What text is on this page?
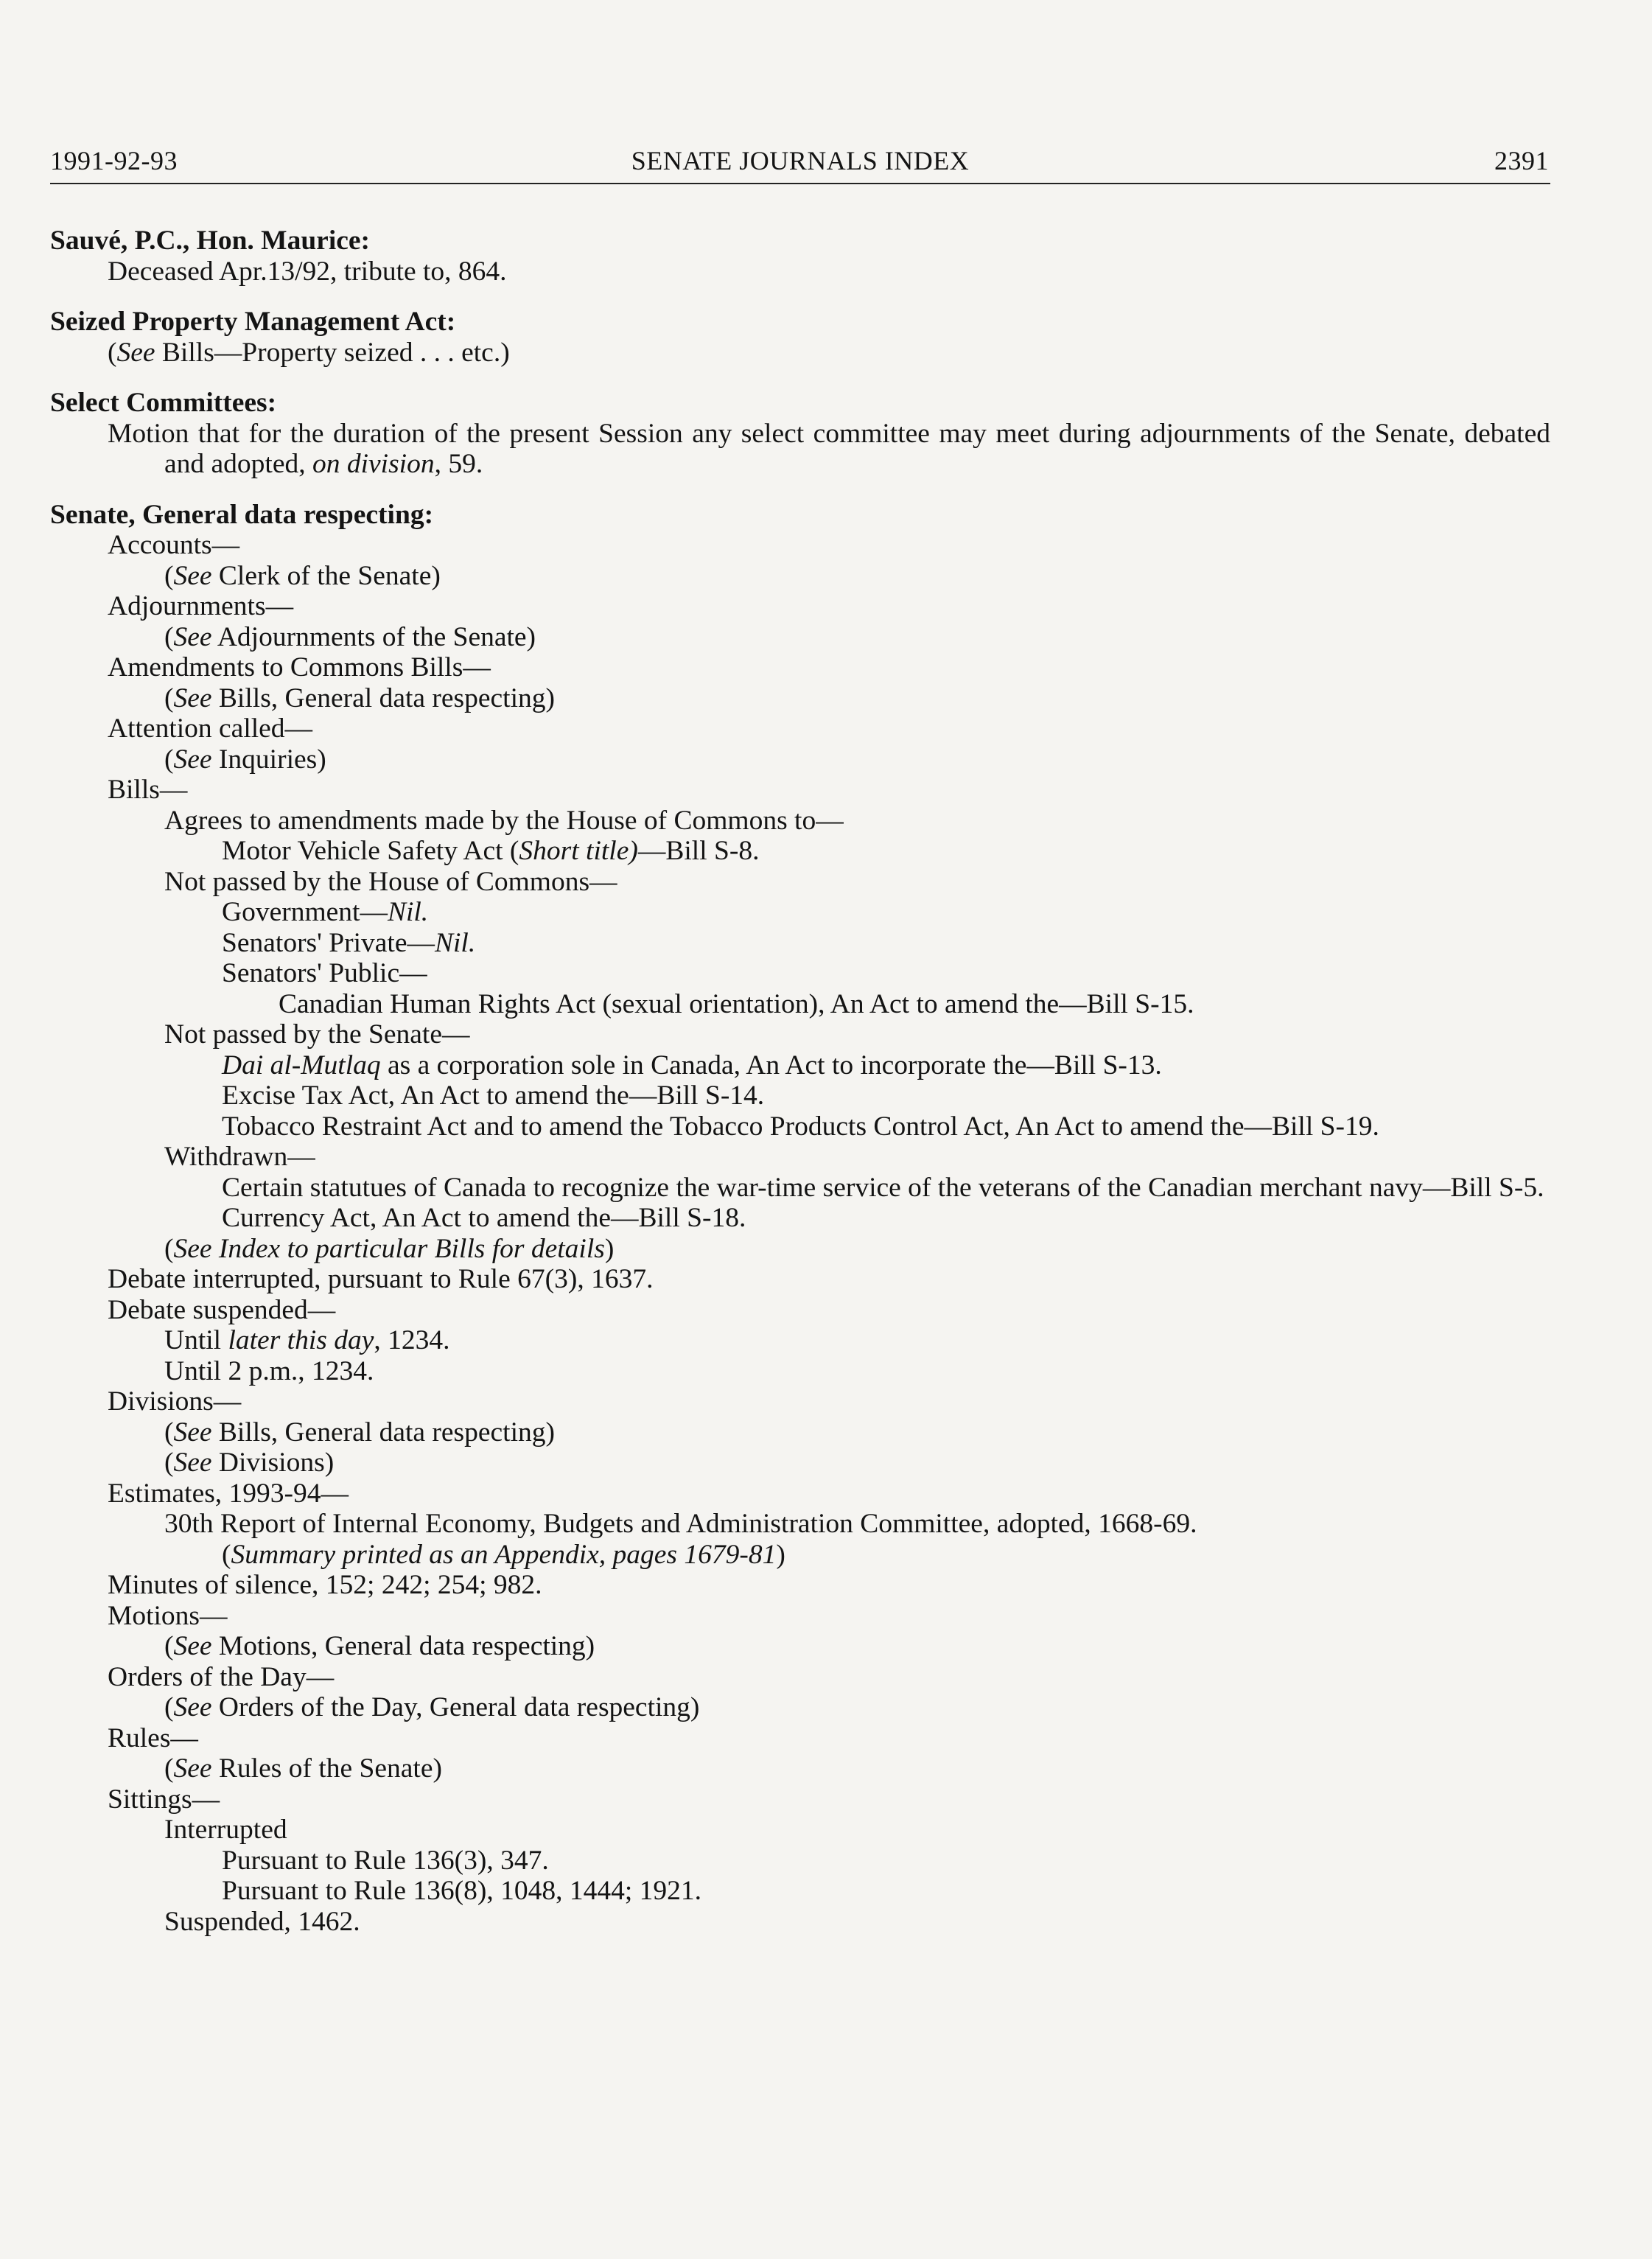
1991-92-93	SENATE JOURNALS INDEX	2391
Sauvé, P.C., Hon. Maurice:
Deceased Apr.13/92, tribute to, 864.
Seized Property Management Act:
(See Bills—Property seized . . . etc.)
Select Committees:
Motion that for the duration of the present Session any select committee may meet during adjournments of the Senate, debated and adopted, on division, 59.
Senate, General data respecting:
Accounts—
(See Clerk of the Senate)
Adjournments—
(See Adjournments of the Senate)
Amendments to Commons Bills—
(See Bills, General data respecting)
Attention called—
(See Inquiries)
Bills—
Agrees to amendments made by the House of Commons to—
Motor Vehicle Safety Act (Short title)—Bill S-8.
Not passed by the House of Commons—
Government—Nil.
Senators' Private—Nil.
Senators' Public—
Canadian Human Rights Act (sexual orientation), An Act to amend the—Bill S-15.
Not passed by the Senate—
Dai al-Mutlaq as a corporation sole in Canada, An Act to incorporate the—Bill S-13.
Excise Tax Act, An Act to amend the—Bill S-14.
Tobacco Restraint Act and to amend the Tobacco Products Control Act, An Act to amend the—Bill S-19.
Withdrawn—
Certain statutues of Canada to recognize the war-time service of the veterans of the Canadian merchant navy—Bill S-5.
Currency Act, An Act to amend the—Bill S-18.
(See Index to particular Bills for details)
Debate interrupted, pursuant to Rule 67(3), 1637.
Debate suspended—
Until later this day, 1234.
Until 2 p.m., 1234.
Divisions—
(See Bills, General data respecting)
(See Divisions)
Estimates, 1993-94—
30th Report of Internal Economy, Budgets and Administration Committee, adopted, 1668-69.
(Summary printed as an Appendix, pages 1679-81)
Minutes of silence, 152; 242; 254; 982.
Motions—
(See Motions, General data respecting)
Orders of the Day—
(See Orders of the Day, General data respecting)
Rules—
(See Rules of the Senate)
Sittings—
Interrupted
Pursuant to Rule 136(3), 347.
Pursuant to Rule 136(8), 1048, 1444; 1921.
Suspended, 1462.
